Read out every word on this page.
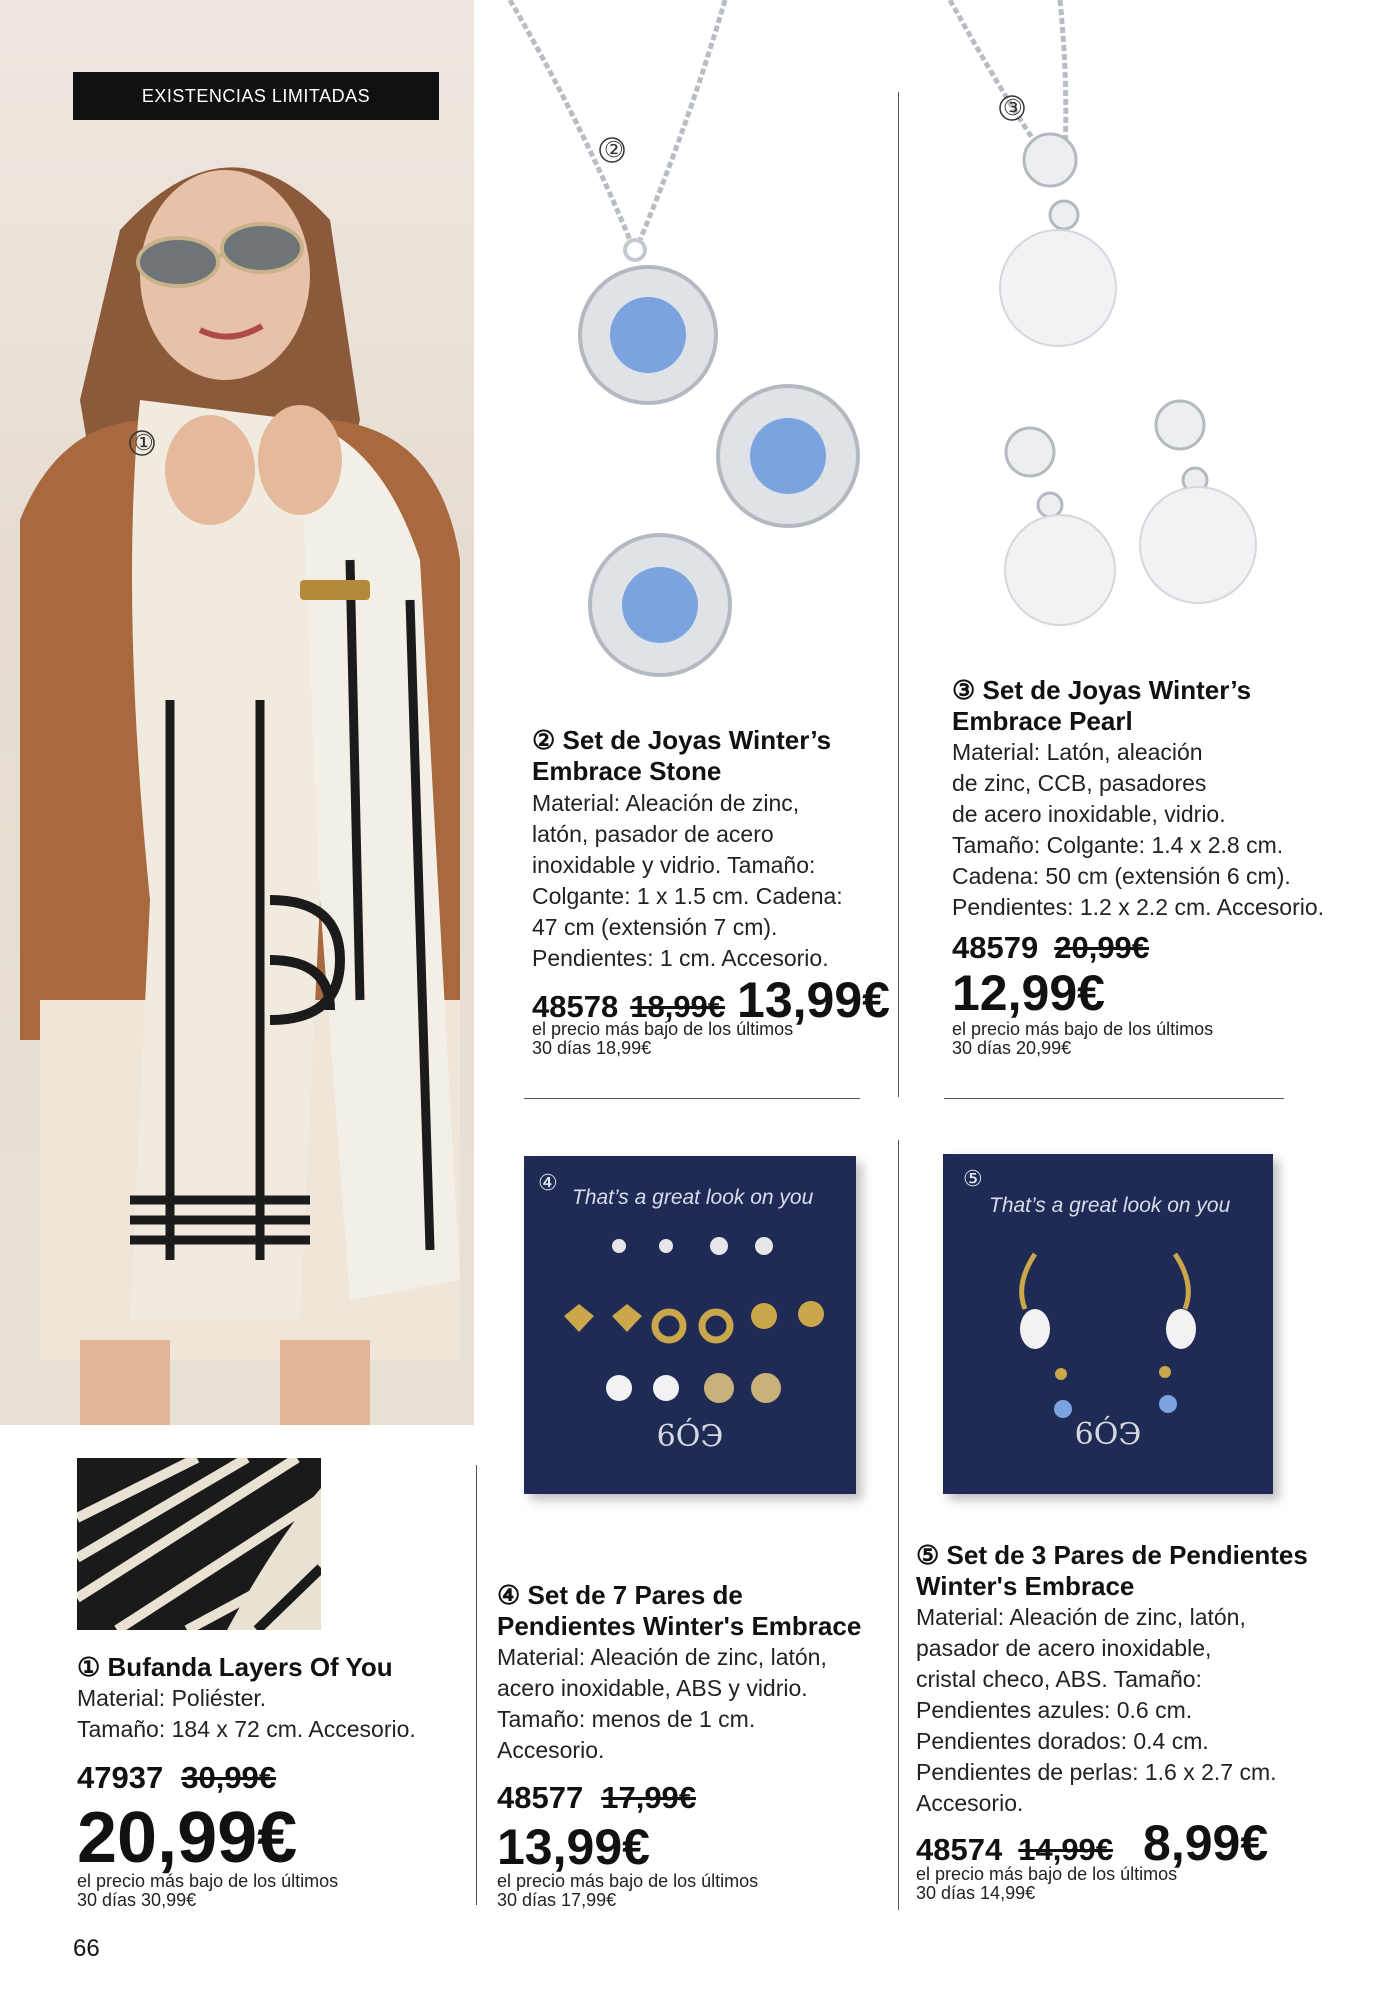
①
EXISTENCIAS LIMITADAS
②
③
② Set de Joyas Winter’s
Embrace Stone
Material: Aleación de zinc,
latón, pasador de acero
inoxidable y vidrio. Tamaño:
Colgante: 1 x 1.5 cm. Cadena:
47 cm (extensión 7 cm).
Pendientes: 1 cm. Accesorio.
48578 18,99€ 13,99€
el precio más bajo de los últimos
30 días 18,99€
③ Set de Joyas Winter’s
Embrace Pearl
Material: Latón, aleación
de zinc, CCB, pasadores
de acero inoxidable, vidrio.
Tamaño: Colgante: 1.4 x 2.8 cm.
Cadena: 50 cm (extensión 6 cm).
Pendientes: 1.2 x 2.2 cm. Accesorio.
48579 20,99€
12,99€
el precio más bajo de los últimos
30 días 20,99€
④
That’s a great look on you
6ÓЭ
⑤
That’s a great look on you
6ÓЭ
① Bufanda Layers Of You
Material: Poliéster.
Tamaño: 184 x 72 cm. Accesorio.
47937 30,99€
20,99€
el precio más bajo de los últimos
30 días 30,99€
④ Set de 7 Pares de
Pendientes Winter's Embrace
Material: Aleación de zinc, latón,
acero inoxidable, ABS y vidrio.
Tamaño: menos de 1 cm.
Accesorio.
48577 17,99€
13,99€
el precio más bajo de los últimos
30 días 17,99€
⑤ Set de 3 Pares de Pendientes
Winter's Embrace
Material: Aleación de zinc, latón,
pasador de acero inoxidable,
cristal checo, ABS. Tamaño:
Pendientes azules: 0.6 cm.
Pendientes dorados: 0.4 cm.
Pendientes de perlas: 1.6 x 2.7 cm.
Accesorio.
48574 14,99€ 8,99€
el precio más bajo de los últimos
30 días 14,99€
66
